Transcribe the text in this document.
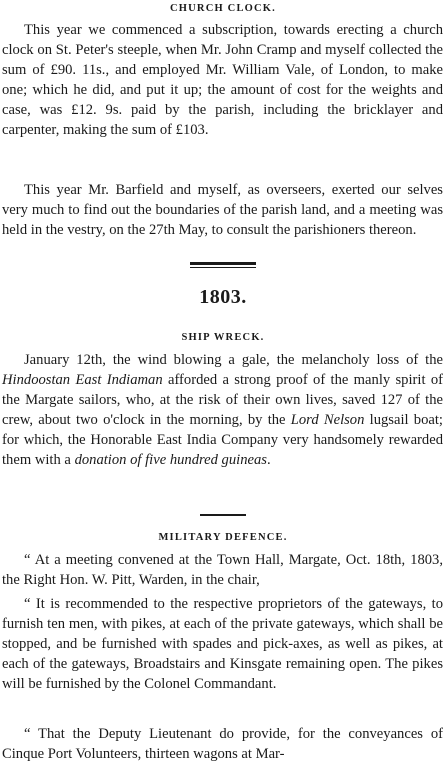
CHURCH CLOCK.

This year we commenced a subscription, towards erecting a church clock on St. Peter's steeple, when Mr. John Cramp and myself collected the sum of £90. 11s., and employed Mr. William Vale, of London, to make one; which he did, and put it up; the amount of cost for the weights and case, was £12. 9s. paid by the parish, including the bricklayer and carpenter, making the sum of £103.

This year Mr. Barfield and myself, as overseers, exerted our selves very much to find out the boundaries of the parish land, and a meeting was held in the vestry, on the 27th May, to consult the parishioners thereon.

1803.

SHIP WRECK.

January 12th, the wind blowing a gale, the melancholy loss of the Hindoostan East Indiaman afforded a strong proof of the manly spirit of the Margate sailors, who, at the risk of their own lives, saved 127 of the crew, about two o'clock in the morning, by the Lord Nelson lugsail boat; for which, the Honorable East India Company very handsomely rewarded them with a donation of five hundred guineas.

MILITARY DEFENCE.

“ At a meeting convened at the Town Hall, Margate, Oct. 18th, 1803, the Right Hon. W. Pitt, Warden, in the chair,

“ It is recommended to the respective proprietors of the gateways, to furnish ten men, with pikes, at each of the private gateways, which shall be stopped, and be furnished with spades and pick-axes, as well as pikes, at each of the gateways, Broadstairs and Kinsgate remaining open. The pikes will be furnished by the Colonel Commandant.

“ That the Deputy Lieutenant do provide, for the conveyances of Cinque Port Volunteers, thirteen wagons at Mar-
